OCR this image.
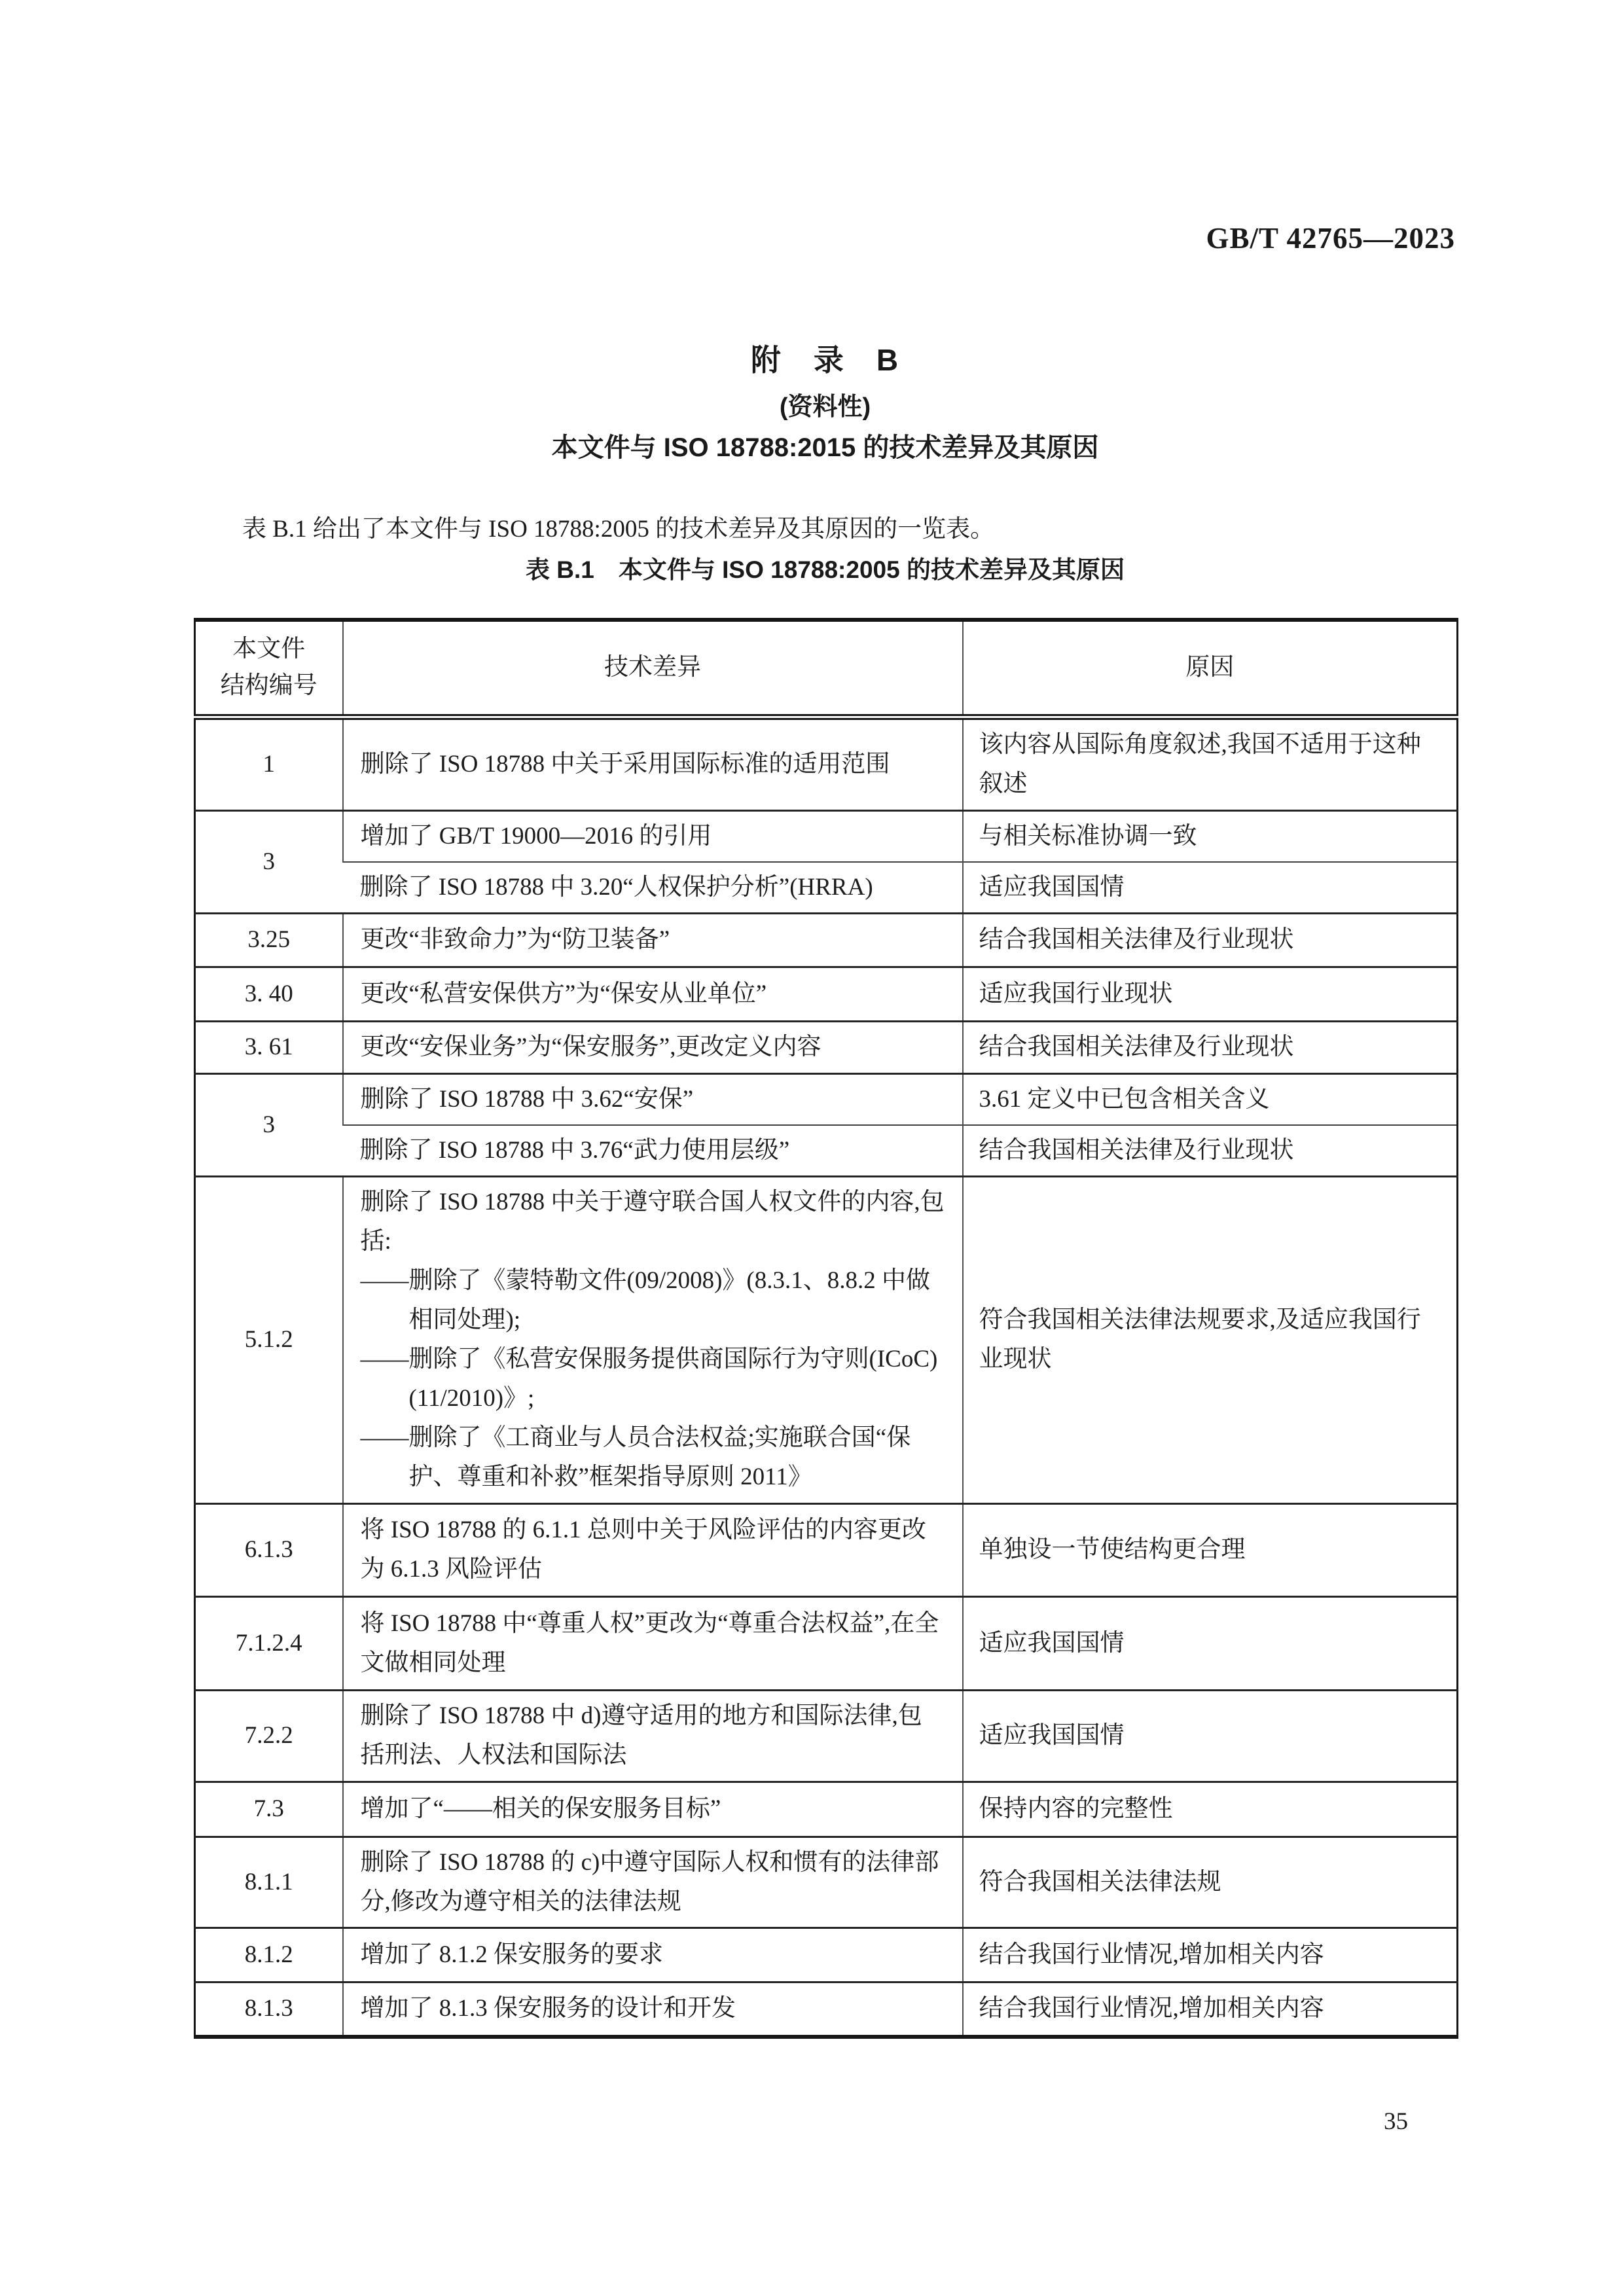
GB/T 42765—2023
附　录　B
(资料性)
本文件与 ISO 18788:2015 的技术差异及其原因

表 B.1 给出了本文件与 ISO 18788:2005 的技术差异及其原因的一览表。

表 B.1　本文件与 ISO 18788:2005 的技术差异及其原因
本文件
结构编号	技术差异	原因
1	删除了 ISO 18788 中关于采用国际标准的适用范围	该内容从国际角度叙述,我国不适用于这种叙述
3	增加了 GB/T 19000—2016 的引用	与相关标准协调一致
	删除了 ISO 18788 中 3.20“人权保护分析”(HRRA)	适应我国国情
3.25	更改“非致命力”为“防卫装备”	结合我国相关法律及行业现状
3. 40	更改“私营安保供方”为“保安从业单位”	适应我国行业现状
3. 61	更改“安保业务”为“保安服务”,更改定义内容	结合我国相关法律及行业现状
3	删除了 ISO 18788 中 3.62“安保”	3.61 定义中已包含相关含义
	删除了 ISO 18788 中 3.76“武力使用层级”	结合我国相关法律及行业现状
5.1.2	删除了 ISO 18788 中关于遵守联合国人权文件的内容,包括:
——删除了《蒙特勒文件(09/2008)》(8.3.1、8.8.2 中做相同处理);
——删除了《私营安保服务提供商国际行为守则(ICoC)(11/2010)》;
——删除了《工商业与人员合法权益;实施联合国“保护、尊重和补救”框架指导原则 2011》	符合我国相关法律法规要求,及适应我国行业现状
6.1.3	将 ISO 18788 的 6.1.1 总则中关于风险评估的内容更改为 6.1.3 风险评估	单独设一节使结构更合理
7.1.2.4	将 ISO 18788 中“尊重人权”更改为“尊重合法权益”,在全文做相同处理	适应我国国情
7.2.2	删除了 ISO 18788 中 d)遵守适用的地方和国际法律,包括刑法、人权法和国际法	适应我国国情
7.3	增加了“——相关的保安服务目标”	保持内容的完整性
8.1.1	删除了 ISO 18788 的 c)中遵守国际人权和惯有的法律部分,修改为遵守相关的法律法规	符合我国相关法律法规
8.1.2	增加了 8.1.2 保安服务的要求	结合我国行业情况,增加相关内容
8.1.3	增加了 8.1.3 保安服务的设计和开发	结合我国行业情况,增加相关内容
35
